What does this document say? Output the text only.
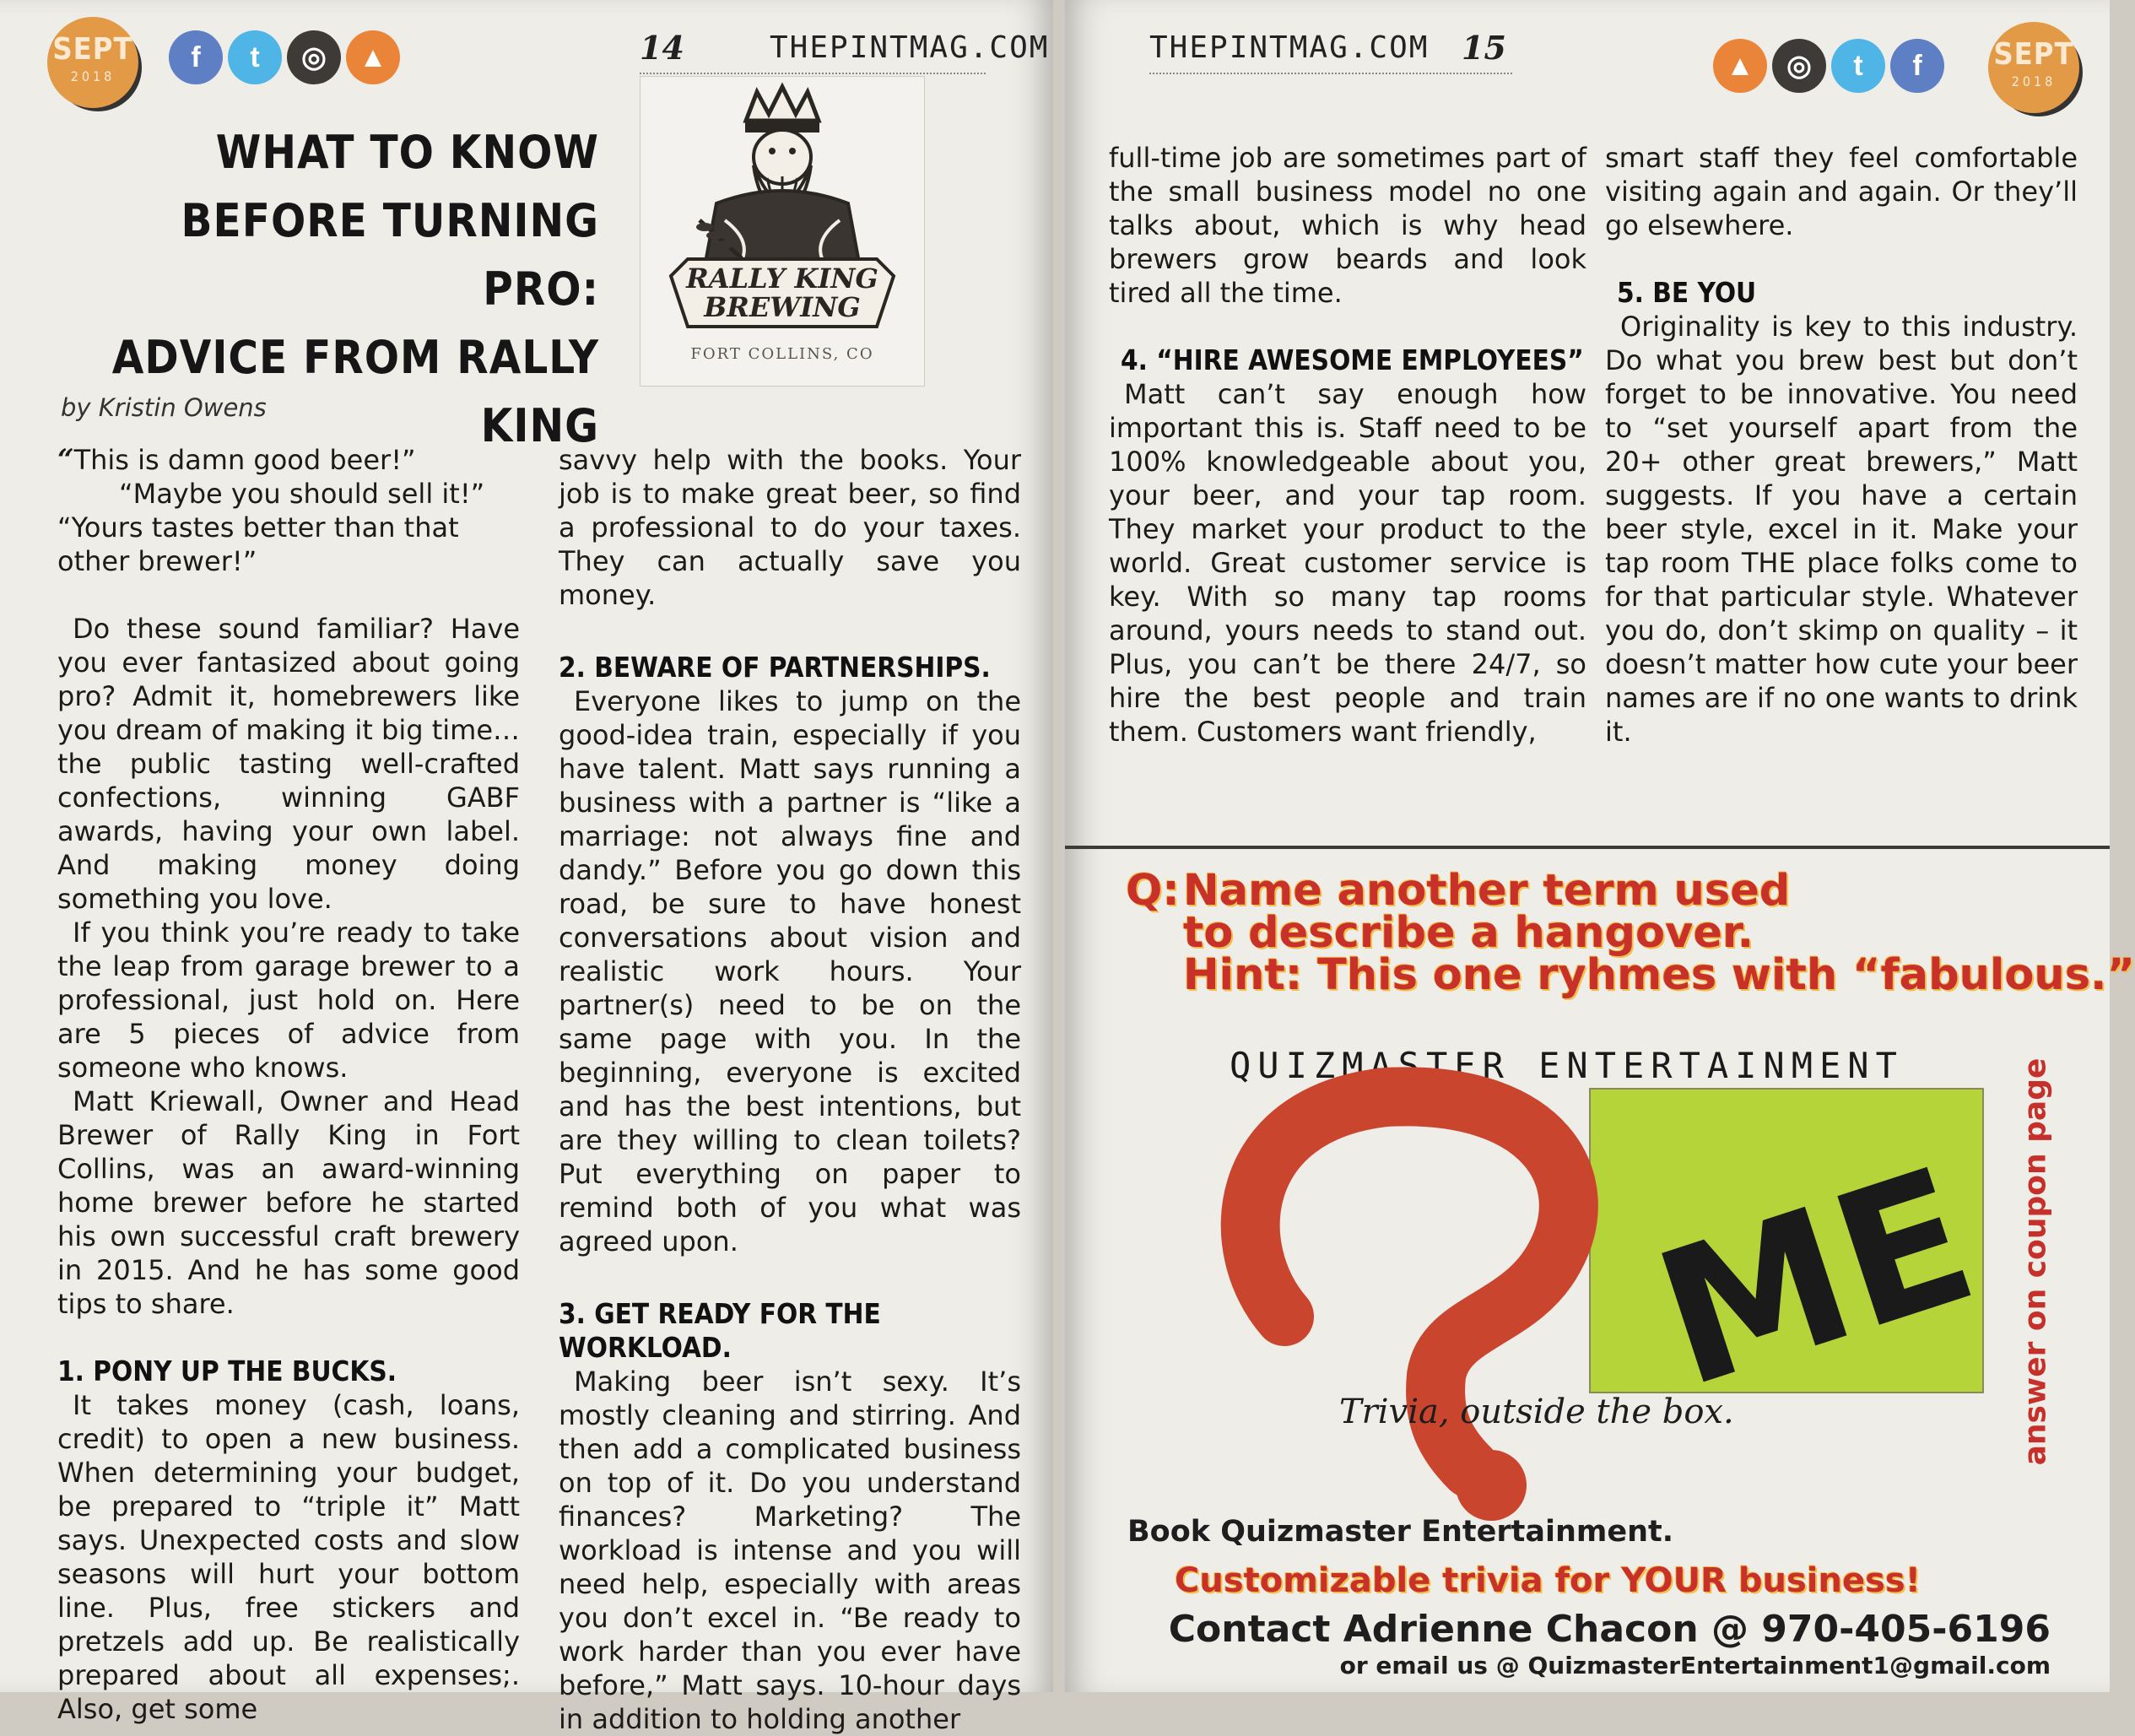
SEPT
2018
f	t	◎	▲	14	THEPINTMAG.COM
WHAT TO KNOW
BEFORE TURNING PRO:
ADVICE FROM RALLY KING
RALLY KING
BREWING
FORT COLLINS, CO
by Kristin Owens

“This is damn good beer!”

“Maybe you should sell it!”

“Yours tastes better than that other brewer!”

Do these sound familiar? Have you ever fantasized about going pro? Admit it, homebrewers like you dream of making it big time… the public tasting well-crafted confections, winning GABF awards, having your own label. And making money doing something you love.

If you think you’re ready to take the leap from garage brewer to a professional, just hold on. Here are 5 pieces of advice from someone who knows.

Matt Kriewall, Owner and Head Brewer of Rally King in Fort Collins, was an award-winning home brewer before he started his own successful craft brewery in 2015. And he has some good tips to share.

1. PONY UP THE BUCKS.

It takes money (cash, loans, credit) to open a new business. When determining your budget, be prepared to “triple it” Matt says. Unexpected costs and slow seasons will hurt your bottom line. Plus, free stickers and pretzels add up. Be realistically prepared about all expenses;. Also, get some

savvy help with the books. Your job is to make great beer, so find a professional to do your taxes. They can actually save you money.

2. BEWARE OF PARTNERSHIPS.

Everyone likes to jump on the good-idea train, especially if you have talent. Matt says running a business with a partner is “like a marriage: not always fine and dandy.” Before you go down this road, be sure to have honest conversations about vision and realistic work hours. Your partner(s) need to be on the same page with you. In the beginning, everyone is excited and has the best intentions, but are they willing to clean toilets? Put everything on paper to remind both of you what was agreed upon.

3. GET READY FOR THE WORKLOAD.

Making beer isn’t sexy. It’s mostly cleaning and stirring. And then add a complicated business on top of it. Do you understand finances? Marketing? The workload is intense and you will need help, especially with areas you don’t excel in. “Be ready to work harder than you ever have before,” Matt says. 10-hour days in addition to holding another

THEPINTMAG.COM 15	▲	◎	t	f	SEPT
2018

full-time job are sometimes part of the small business model no one talks about, which is why head brewers grow beards and look tired all the time.

4. “HIRE AWESOME EMPLOYEES”

Matt can’t say enough how important this is. Staff need to be 100% knowledgeable about you, your beer, and your tap room. They market your product to the world. Great customer service is key. With so many tap rooms around, yours needs to stand out. Plus, you can’t be there 24/7, so hire the best people and train them. Customers want friendly,

smart staff they feel comfortable visiting again and again. Or they’ll go elsewhere.

5. BE YOU

Originality is key to this industry. Do what you brew best but don’t forget to be innovative. You need to “set yourself apart from the 20+ other great brewers,” Matt suggests. If you have a certain beer style, excel in it. Make your tap room THE place folks come to for that particular style. Whatever you do, don’t skimp on quality – it doesn’t matter how cute your beer names are if no one wants to drink it.

Q: Name another term used
to describe a hangover.
Hint: This one ryhmes with “fabulous.”
QUIZMASTER ENTERTAINMENT
ME
Trivia, outside the box.	answer on coupon page
Book Quizmaster Entertainment.
Customizable trivia for YOUR business!
Contact Adrienne Chacon @ 970-405-6196
or email us @ QuizmasterEntertainment1@gmail.com
